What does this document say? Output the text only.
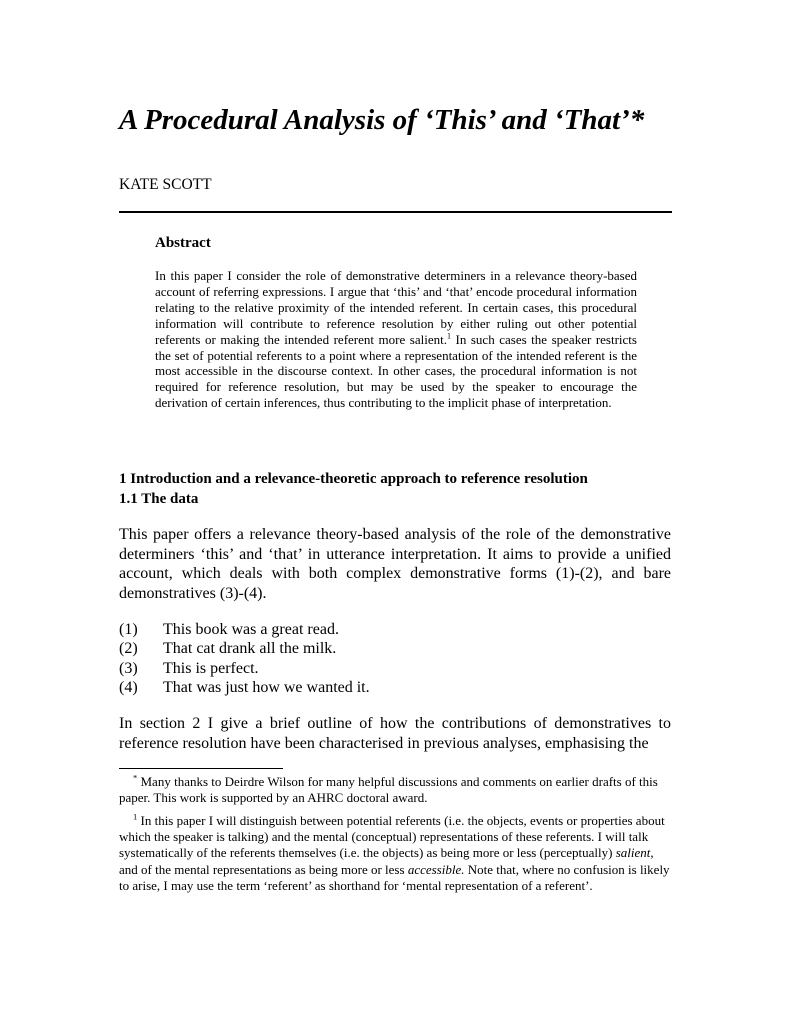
A Procedural Analysis of ‘This’ and ‘That’*

KATE SCOTT

Abstract

In this paper I consider the role of demonstrative determiners in a relevance theory-based account of referring expressions. I argue that ‘this’ and ‘that’ encode procedural information relating to the relative proximity of the intended referent. In certain cases, this procedural information will contribute to reference resolution by either ruling out other potential referents or making the intended referent more salient.$^1$ In such cases the speaker restricts the set of potential referents to a point where a representation of the intended referent is the most accessible in the discourse context. In other cases, the procedural information is not required for reference resolution, but may be used by the speaker to encourage the derivation of certain inferences, thus contributing to the implicit phase of interpretation.

1 Introduction and a relevance-theoretic approach to reference resolution
1.1 The data

This paper offers a relevance theory-based analysis of the role of the demonstrative determiners ‘this’ and ‘that’ in utterance interpretation. It aims to provide a unified account, which deals with both complex demonstrative forms (1)-(2), and bare demonstratives (3)-(4).

(1)	This book was a great read.
(2)	That cat drank all the milk.
(3)	This is perfect.
(4)	That was just how we wanted it.

In section 2 I give a brief outline of how the contributions of demonstratives to reference resolution have been characterised in previous analyses, emphasising the

* Many thanks to Deirdre Wilson for many helpful discussions and comments on earlier drafts of this paper. This work is supported by an AHRC doctoral award.

$^1$ In this paper I will distinguish between potential referents (i.e. the objects, events or properties about which the speaker is talking) and the mental (conceptual) representations of these referents. I will talk systematically of the referents themselves (i.e. the objects) as being more or less (perceptually) salient, and of the mental representations as being more or less accessible. Note that, where no confusion is likely to arise, I may use the term ‘referent’ as shorthand for ‘mental representation of a referent’.
